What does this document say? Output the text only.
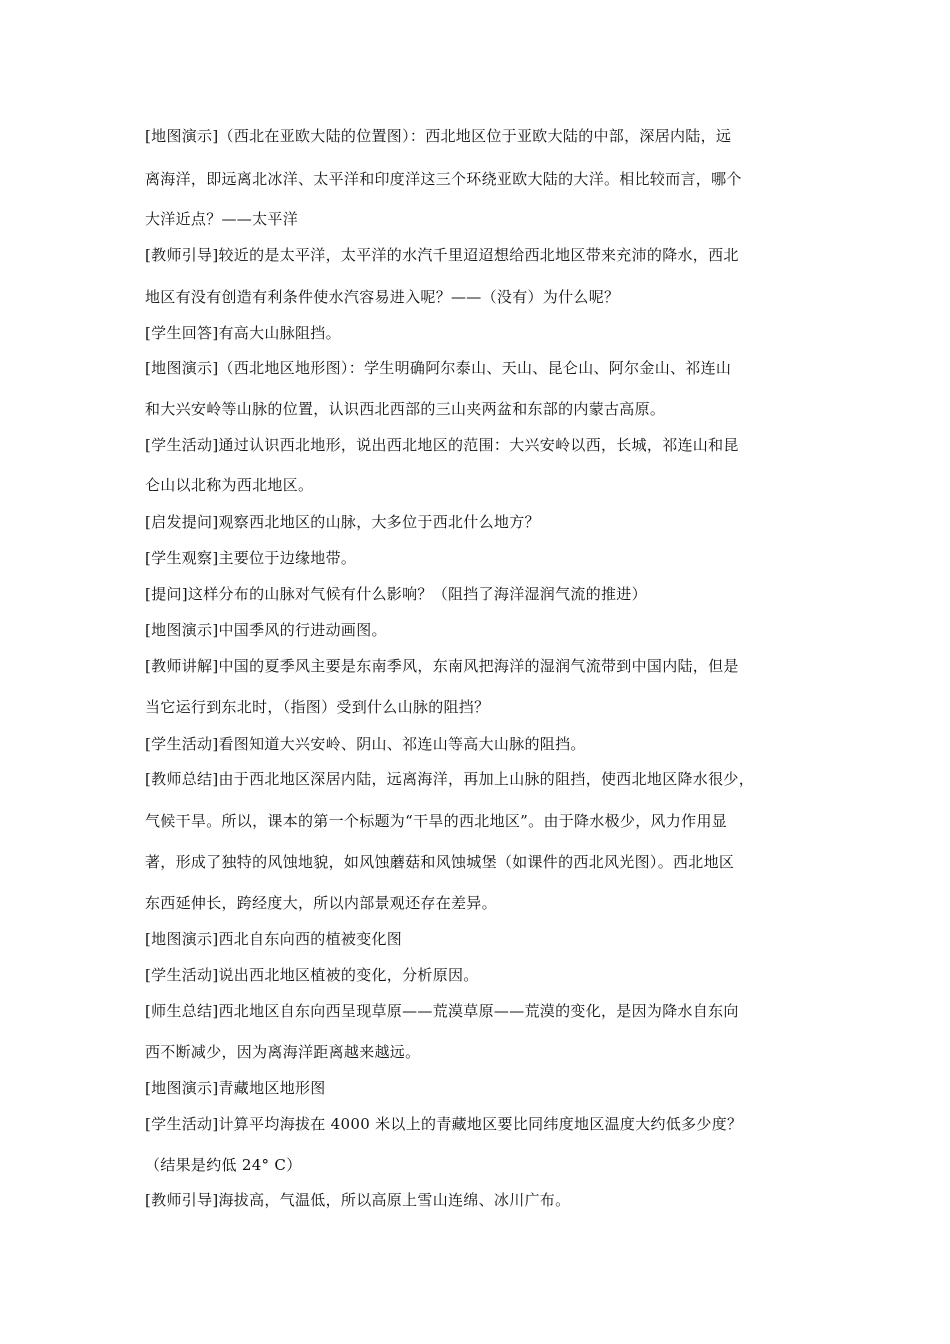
[地图演示]（西北在亚欧大陆的位置图）：西北地区位于亚欧大陆的中部，深居内陆，远
离海洋，即远离北冰洋、太平洋和印度洋这三个环绕亚欧大陆的大洋。相比较而言，哪个
大洋近点？——太平洋
[教师引导]较近的是太平洋，太平洋的水汽千里迢迢想给西北地区带来充沛的降水，西北
地区有没有创造有利条件使水汽容易进入呢？——（没有）为什么呢？
[学生回答]有高大山脉阻挡。
[地图演示]（西北地区地形图）：学生明确阿尔泰山、天山、昆仑山、阿尔金山、祁连山
和大兴安岭等山脉的位置，认识西北西部的三山夹两盆和东部的内蒙古高原。
[学生活动]通过认识西北地形，说出西北地区的范围：大兴安岭以西，长城，祁连山和昆
仑山以北称为西北地区。
[启发提问]观察西北地区的山脉，大多位于西北什么地方？
[学生观察]主要位于边缘地带。
[提问]这样分布的山脉对气候有什么影响？（阻挡了海洋湿润气流的推进）
[地图演示]中国季风的行进动画图。
[教师讲解]中国的夏季风主要是东南季风，东南风把海洋的湿润气流带到中国内陆，但是
当它运行到东北时，（指图）受到什么山脉的阻挡？
[学生活动]看图知道大兴安岭、阴山、祁连山等高大山脉的阻挡。
[教师总结]由于西北地区深居内陆，远离海洋，再加上山脉的阻挡，使西北地区降水很少，
气候干旱。所以，课本的第一个标题为“干旱的西北地区”。由于降水极少，风力作用显
著，形成了独特的风蚀地貌，如风蚀蘑菇和风蚀城堡（如课件的西北风光图）。西北地区
东西延伸长，跨经度大，所以内部景观还存在差异。
[地图演示]西北自东向西的植被变化图
[学生活动]说出西北地区植被的变化，分析原因。
[师生总结]西北地区自东向西呈现草原——荒漠草原——荒漠的变化，是因为降水自东向
西不断减少，因为离海洋距离越来越远。
[地图演示]青藏地区地形图
[学生活动]计算平均海拔在 4000 米以上的青藏地区要比同纬度地区温度大约低多少度？
（结果是约低 24° C）
[教师引导]海拔高，气温低，所以高原上雪山连绵、冰川广布。
